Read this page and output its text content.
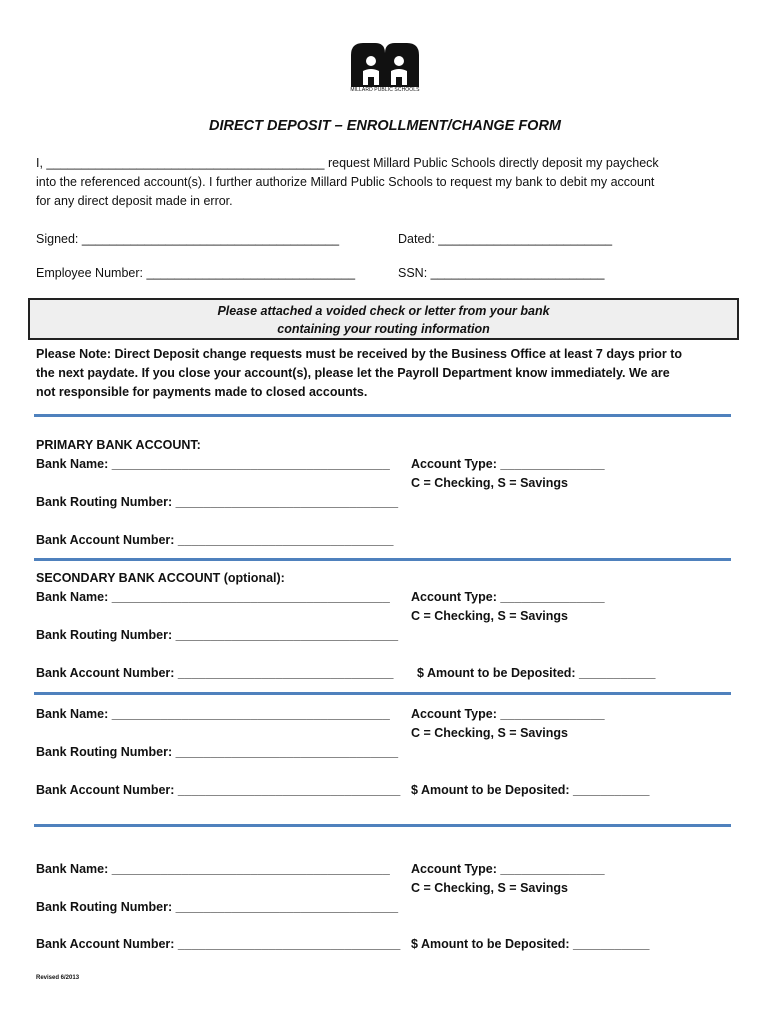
MILLARD PUBLIC SCHOOLS
DIRECT DEPOSIT – ENROLLMENT/CHANGE FORM
I, ________________________________________ request Millard Public Schools directly deposit my paycheck
into the referenced account(s). I further authorize Millard Public Schools to request my bank to debit my account
for any direct deposit made in error.
Signed: _____________________________________	Dated: _________________________
Employee Number: ______________________________	SSN: _________________________
Please attached a voided check or letter from your bank
containing your routing information
Please Note: Direct Deposit change requests must be received by the Business Office at least 7 days prior to
the next paydate. If you close your account(s), please let the Payroll Department know immediately. We are
not responsible for payments made to closed accounts.
PRIMARY BANK ACCOUNT:
Bank Name: ________________________________________ Account Type: _______________
C = Checking, S = Savings
Bank Routing Number: ________________________________
Bank Account Number: _______________________________
SECONDARY BANK ACCOUNT (optional):
Bank Name: ________________________________________ Account Type: _______________
C = Checking, S = Savings
Bank Routing Number: ________________________________
Bank Account Number: _______________________________ $ Amount to be Deposited: ___________
Bank Name: ________________________________________ Account Type: _______________
C = Checking, S = Savings
Bank Routing Number: ________________________________
Bank Account Number: ________________________________ $ Amount to be Deposited: ___________
Bank Name: ________________________________________ Account Type: _______________
C = Checking, S = Savings
Bank Routing Number: ________________________________
Bank Account Number: ________________________________ $ Amount to be Deposited: ___________
Revised 6/2013
